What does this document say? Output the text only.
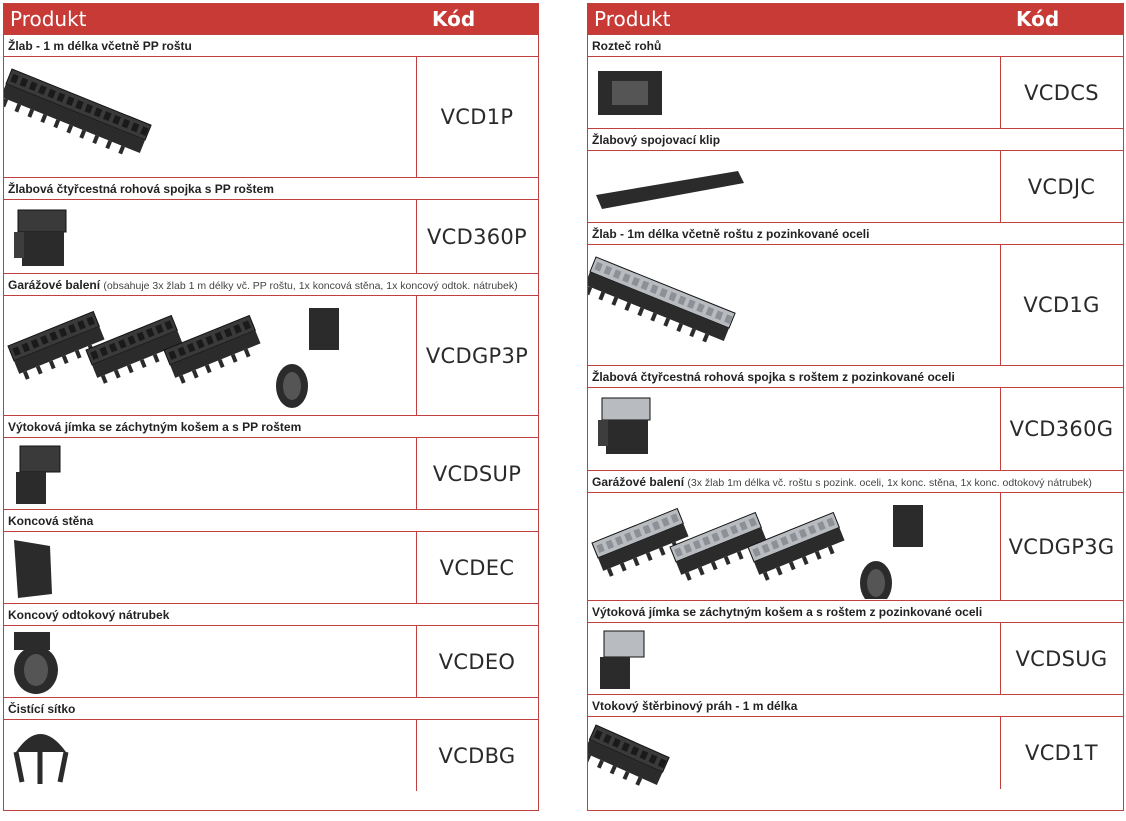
Produkt	Kód
Žlab - 1 m délka včetně PP roštu
VCD1P
Žlabová čtyřcestná rohová spojka s PP roštem
VCD360P
Garážové balení (obsahuje 3x žlab 1 m délky vč. PP roštu, 1x koncová stěna, 1x koncový odtok. nátrubek)
VCDGP3P
Výtoková jímka se záchytným košem a s PP roštem
VCDSUP
Koncová stěna
VCDEC
Koncový odtokový nátrubek
VCDEO
Čistící sítko
VCDBG
Produkt	Kód
Rozteč rohů
VCDCS
Žlabový spojovací klip
VCDJC
Žlab - 1m délka včetně roštu z pozinkované oceli
VCD1G
Žlabová čtyřcestná rohová spojka s roštem z pozinkované oceli
VCD360G
Garážové balení (3x žlab 1m délka vč. roštu s pozink. oceli, 1x konc. stěna, 1x konc. odtokový nátrubek)
VCDGP3G
Výtoková jímka se záchytným košem a s roštem z pozinkované oceli
VCDSUG
Vtokový štěrbinový práh - 1 m délka
VCD1T
